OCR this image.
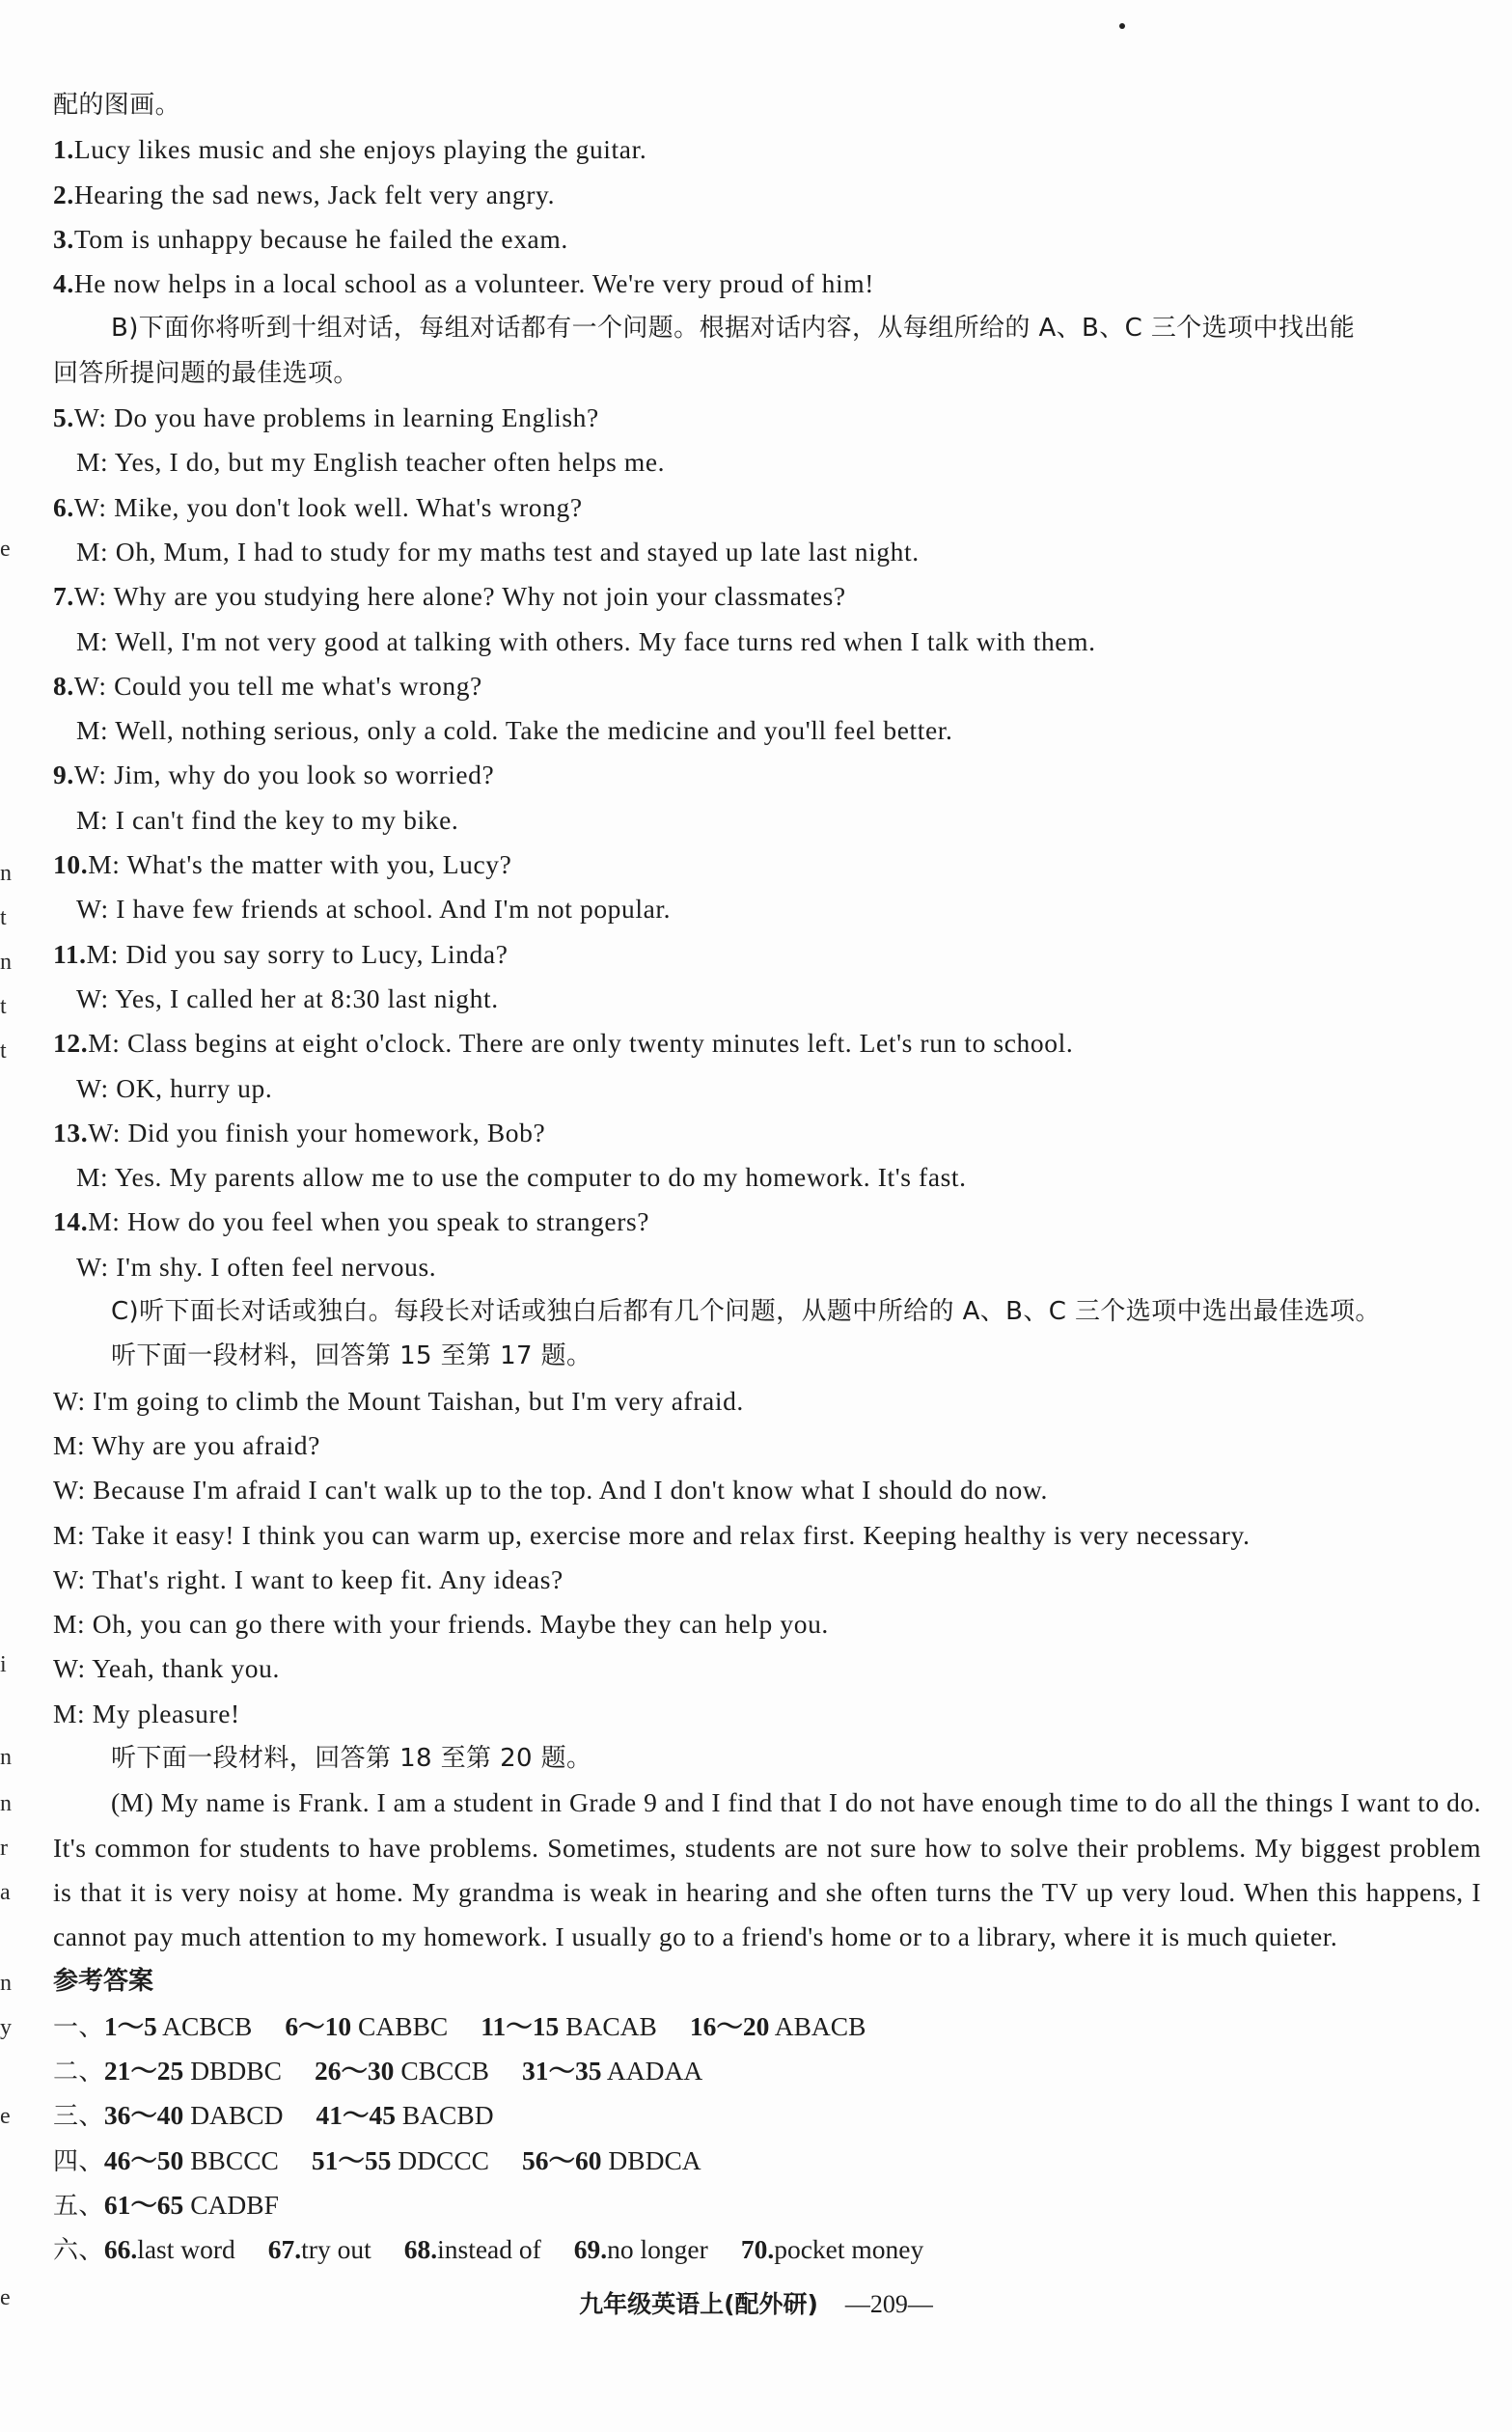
e
n
t
n
t
t
i
n
n
r
a
n
y
e
e
配的图画。
1.Lucy likes music and she enjoys playing the guitar.
2.Hearing the sad news, Jack felt very angry.
3.Tom is unhappy because he failed the exam.
4.He now helps in a local school as a volunteer. We're very proud of him!
B)下面你将听到十组对话，每组对话都有一个问题。根据对话内容，从每组所给的 A、B、C 三个选项中找出能
回答所提问题的最佳选项。
5.W: Do you have problems in learning English?
M: Yes, I do, but my English teacher often helps me.
6.W: Mike, you don't look well. What's wrong?
M: Oh, Mum, I had to study for my maths test and stayed up late last night.
7.W: Why are you studying here alone? Why not join your classmates?
M: Well, I'm not very good at talking with others. My face turns red when I talk with them.
8.W: Could you tell me what's wrong?
M: Well, nothing serious, only a cold. Take the medicine and you'll feel better.
9.W: Jim, why do you look so worried?
M: I can't find the key to my bike.
10.M: What's the matter with you, Lucy?
W: I have few friends at school. And I'm not popular.
11.M: Did you say sorry to Lucy, Linda?
W: Yes, I called her at 8:30 last night.
12.M: Class begins at eight o'clock. There are only twenty minutes left. Let's run to school.
W: OK, hurry up.
13.W: Did you finish your homework, Bob?
M: Yes. My parents allow me to use the computer to do my homework. It's fast.
14.M: How do you feel when you speak to strangers?
W: I'm shy. I often feel nervous.
C)听下面长对话或独白。每段长对话或独白后都有几个问题，从题中所给的 A、B、C 三个选项中选出最佳选项。
听下面一段材料，回答第 15 至第 17 题。
W: I'm going to climb the Mount Taishan, but I'm very afraid.
M: Why are you afraid?
W: Because I'm afraid I can't walk up to the top. And I don't know what I should do now.
M: Take it easy! I think you can warm up, exercise more and relax first. Keeping healthy is very necessary.
W: That's right. I want to keep fit. Any ideas?
M: Oh, you can go there with your friends. Maybe they can help you.
W: Yeah, thank you.
M: My pleasure!
听下面一段材料，回答第 18 至第 20 题。
(M) My name is Frank. I am a student in Grade 9 and I find that I do not have enough time to do all the things I want to do. It's common for students to have problems. Sometimes, students are not sure how to solve their problems. My biggest problem is that it is very noisy at home. My grandma is weak in hearing and she often turns the TV up very loud. When this happens, I cannot pay much attention to my homework. I usually go to a friend's home or to a library, where it is much quieter.
参考答案
一、1～5 ACBCB 6～10 CABBC 11～15 BACAB 16～20 ABACB
二、21～25 DBDBC 26～30 CBCCB 31～35 AADAA
三、36～40 DABCD 41～45 BACBD
四、46～50 BBCCC 51～55 DDCCC 56～60 DBDCA
五、61～65 CADBF
六、66.last word 67.try out 68.instead of 69.no longer 70.pocket money
九年级英语上(配外研) —209—
